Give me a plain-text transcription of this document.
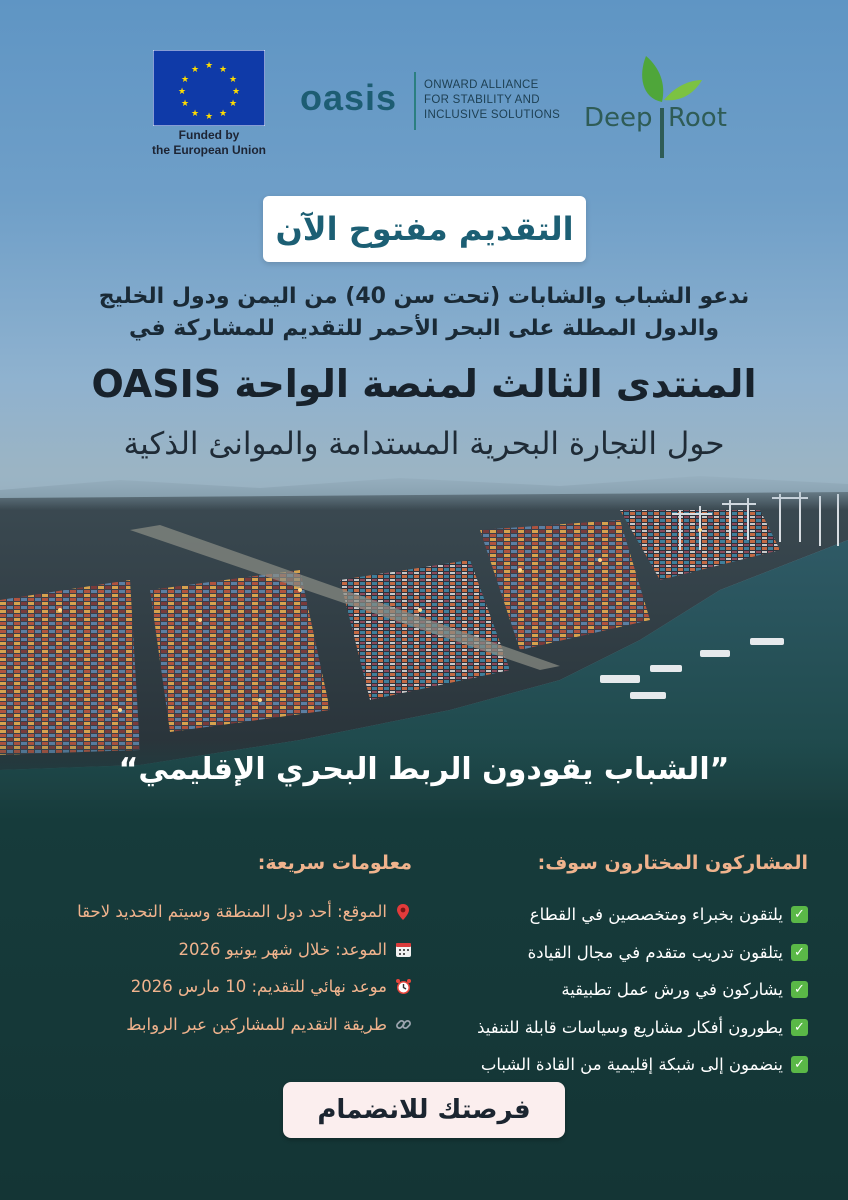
★ ★
★
★
★
★
★
★
★
★
★
★
Funded by
the European Union
oasis ONWARD ALLIANCE
FOR STABILITY AND
INCLUSIVE SOLUTIONS Deep Root
التقديم مفتوح الآن
ندعو الشباب والشابات (تحت سن 40) من اليمن ودول الخليج
والدول المطلة على البحر الأحمر للتقديم للمشاركة في
المنتدى الثالث لمنصة الواحة OASIS
حول التجارة البحرية المستدامة والموانئ الذكية
”الشباب يقودون الربط البحري الإقليمي“
المشاركون المختارون سوف:
✓
يلتقون بخبراء ومتخصصين في القطاع
✓
يتلقون تدريب متقدم في مجال القيادة
✓
يشاركون في ورش عمل تطبيقية
✓
يطورون أفكار مشاريع وسياسات قابلة للتنفيذ
✓
ينضمون إلى شبكة إقليمية من القادة الشباب
معلومات سريعة:
الموقع: أحد دول المنطقة وسيتم التحديد لاحقا
الموعد: خلال شهر يونيو 2026
موعد نهائي للتقديم: 10 مارس 2026
طريقة التقديم للمشاركين عبر الروابط
فرصتك للانضمام
